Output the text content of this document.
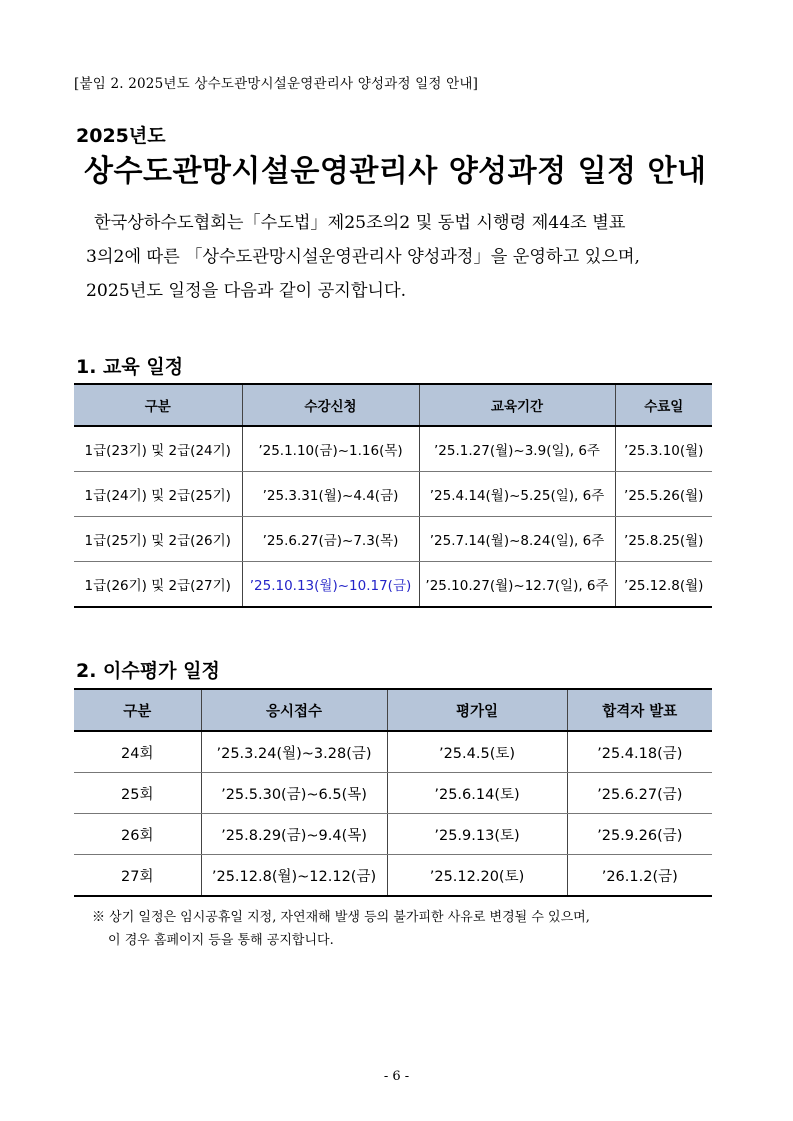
[붙임 2. 2025년도 상수도관망시설운영관리사 양성과정 일정 안내]
2025년도
상수도관망시설운영관리사 양성과정 일정 안내
한국상하수도협회는「수도법」제25조의2 및 동법 시행령 제44조 별표
3의2에 따른 「상수도관망시설운영관리사 양성과정」을 운영하고 있으며,
2025년도 일정을 다음과 같이 공지합니다.
1. 교육 일정
구분	수강신청	교육기간	수료일
1급(23기) 및 2급(24기)	’25.1.10(금)~1.16(목)	’25.1.27(월)~3.9(일), 6주	’25.3.10(월)
1급(24기) 및 2급(25기)	’25.3.31(월)~4.4(금)	’25.4.14(월)~5.25(일), 6주	’25.5.26(월)
1급(25기) 및 2급(26기)	’25.6.27(금)~7.3(목)	’25.7.14(월)~8.24(일), 6주	’25.8.25(월)
1급(26기) 및 2급(27기)	’25.10.13(월)~10.17(금)	’25.10.27(월)~12.7(일), 6주	’25.12.8(월)
2. 이수평가 일정
구분	응시접수	평가일	합격자 발표
24회	’25.3.24(월)~3.28(금)	’25.4.5(토)	’25.4.18(금)
25회	’25.5.30(금)~6.5(목)	’25.6.14(토)	’25.6.27(금)
26회	’25.8.29(금)~9.4(목)	’25.9.13(토)	’25.9.26(금)
27회	’25.12.8(월)~12.12(금)	’25.12.20(토)	’26.1.2(금)
※ 상기 일정은 임시공휴일 지정, 자연재해 발생 등의 불가피한 사유로 변경될 수 있으며,
이 경우 홈페이지 등을 통해 공지합니다.
- 6 -
